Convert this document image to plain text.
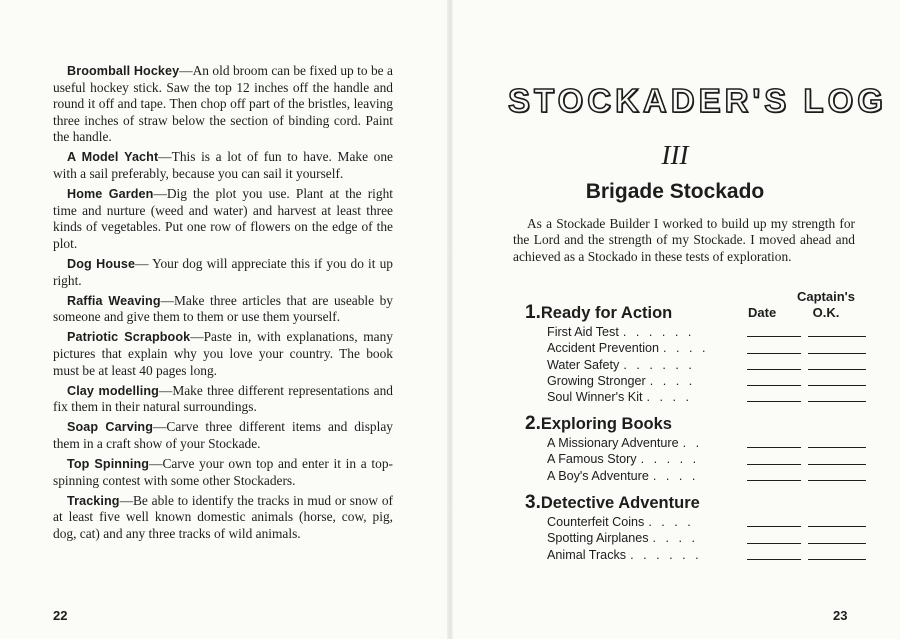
Broomball Hockey—An old broom can be fixed up to be a useful hockey stick. Saw the top 12 inches off the handle and round it off and tape. Then chop off part of the bristles, leaving three inches of straw below the section of binding cord. Paint the handle.

A Model Yacht—This is a lot of fun to have. Make one with a sail preferably, because you can sail it yourself.

Home Garden—Dig the plot you use. Plant at the right time and nurture (weed and water) and harvest at least three kinds of vegetables. Put one row of flowers on the edge of the plot.

Dog House— Your dog will appreciate this if you do it up right.

Raffia Weaving—Make three articles that are useable by someone and give them to them or use them yourself.

Patriotic Scrapbook—Paste in, with explanations, many pictures that explain why you love your country. The book must be at least 40 pages long.

Clay modelling—Make three different representations and fix them in their natural surroundings.

Soap Carving—Carve three different items and display them in a craft show of your Stockade.

Top Spinning—Carve your own top and enter it in a top-spinning contest with some other Stockaders.

Tracking—Be able to identify the tracks in mud or snow of at least five well known domestic animals (horse, cow, pig, dog, cat) and any three tracks of wild animals.

22
STOCKADER'S LOG
III
Brigade Stockado

As a Stockade Builder I worked to build up my strength for the Lord and the strength of my Stockade. I moved ahead and achieved as a Stockado in these tests of exploration.

Date
Captain's O.K.
1.Ready for Action
First Aid Test . . . . . .
Accident Prevention . . . .
Water Safety . . . . . .
Growing Stronger . . . .
Soul Winner's Kit . . . .
2.Exploring Books
A Missionary Adventure . .
A Famous Story . . . . .
A Boy's Adventure . . . .
3.Detective Adventure
Counterfeit Coins . . . .
Spotting Airplanes . . . .
Animal Tracks . . . . . .
23
